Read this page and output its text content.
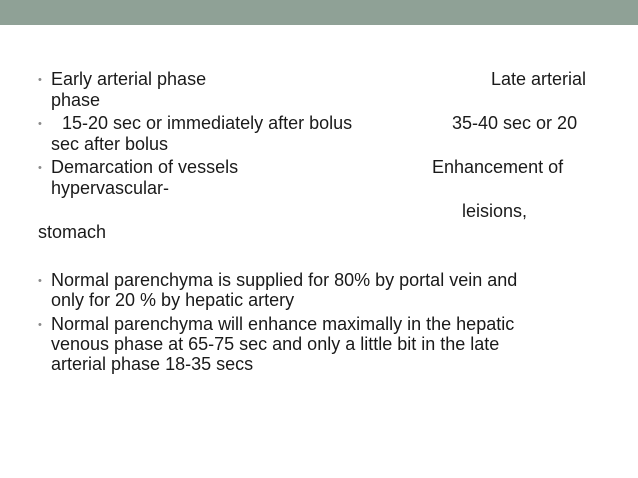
• Early arterial phase	Late arterial
phase
• 15-20 sec or immediately after bolus	35-40 sec or 20
sec after bolus
• Demarcation of vessels	Enhancement of
hypervascular-
leisions,
stomach
• Normal parenchyma is supplied for 80% by portal vein and
only for 20 % by hepatic artery
• Normal parenchyma will enhance maximally in the hepatic
venous phase at 65-75 sec and only a little bit in the late
arterial phase 18-35 secs
